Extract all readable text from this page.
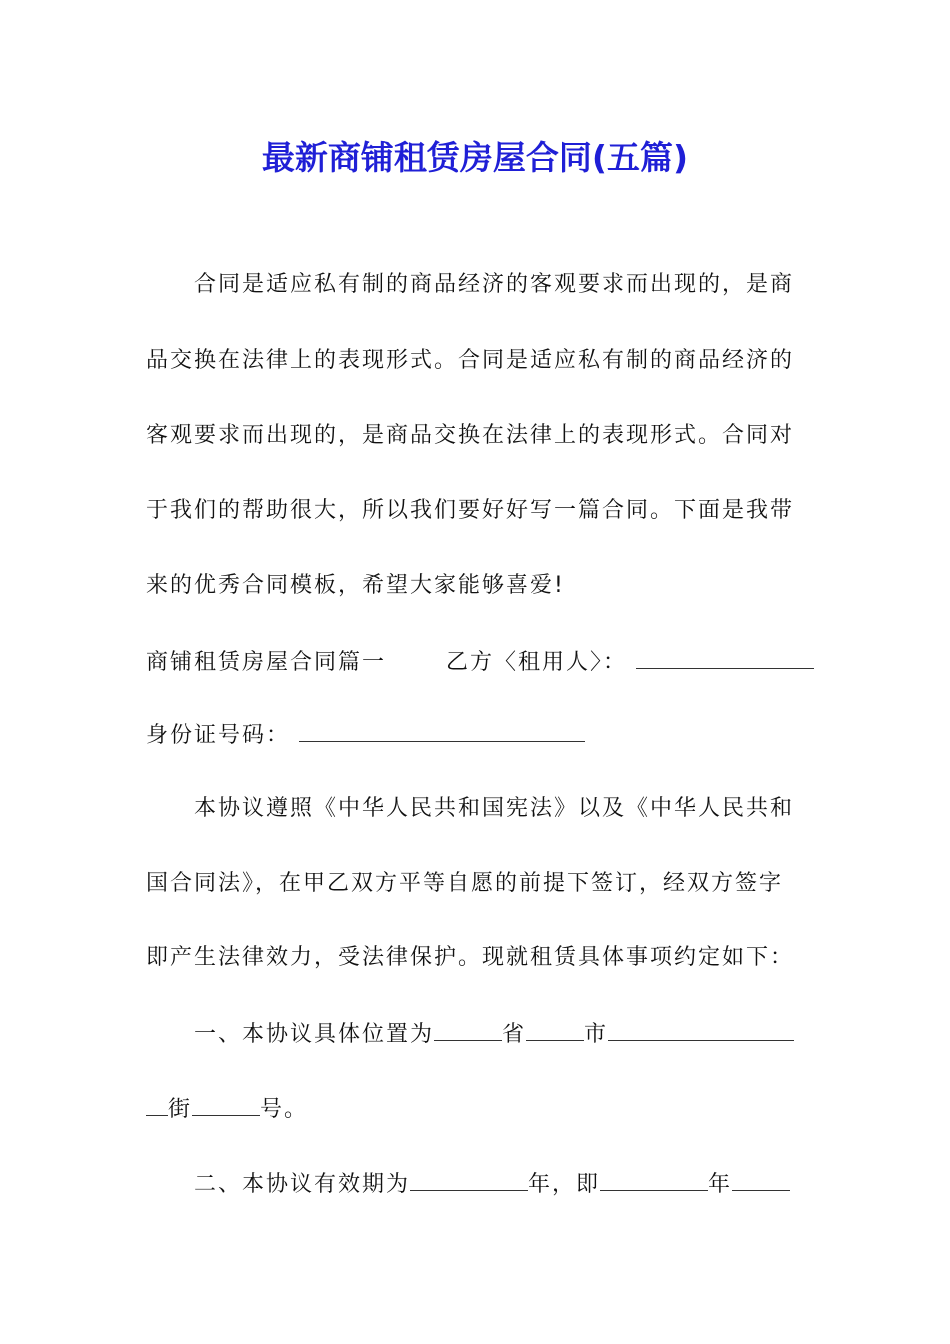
最新商铺租赁房屋合同(五篇)
合同是适应私有制的商品经济的客观要求而出现的，是商
品交换在法律上的表现形式。合同是适应私有制的商品经济的
客观要求而出现的，是商品交换在法律上的表现形式。合同对
于我们的帮助很大，所以我们要好好写一篇合同。下面是我带
来的优秀合同模板，希望大家能够喜爱!
商铺租赁房屋合同篇一	乙方〈租用人〉：
身份证号码：
本协议遵照《中华人民共和国宪法》以及《中华人民共和
国合同法》，在甲乙双方平等自愿的前提下签订，经双方签字
即产生法律效力，受法律保护。现就租赁具体事项约定如下：
一、本协议具体位置为	省	市
街	号。
二、本协议有效期为	年，即	年
